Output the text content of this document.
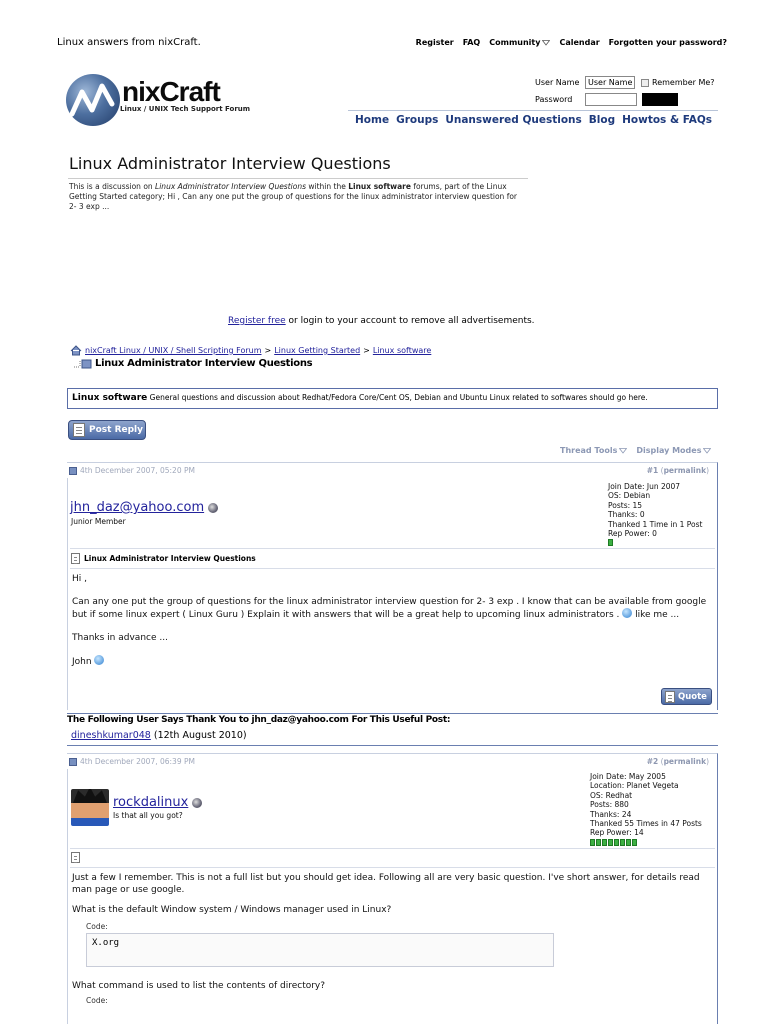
Linux answers from nixCraft.	Register FAQ Community Calendar Forgotten your password?
nixCraft
Linux / UNIX Tech Support Forum
User Name
User Name	Remember Me?
Password
Home Groups Unanswered Questions Blog Howtos & FAQs
Linux Administrator Interview Questions
This is a discussion on Linux Administrator Interview Questions within the Linux software forums, part of the Linux Getting Started category; Hi , Can any one put the group of questions for the linux administrator interview question for 2- 3 exp ...
Register free or login to your account to remove all advertisements.
nixCraft Linux / UNIX / Shell Scripting Forum > Linux Getting Started > Linux software
Linux Administrator Interview Questions
Linux software General questions and discussion about Redhat/Fedora Core/Cent OS, Debian and Ubuntu Linux related to softwares should go here.
Post Reply
Thread Tools Display Modes
4th December 2007, 05:20 PM	#1 (permalink)
jhn_daz@yahoo.com
Junior Member
Join Date: Jun 2007
OS: Debian
Posts: 15
Thanks: 0
Thanked 1 Time in 1 Post
Rep Power: 0
Linux Administrator Interview Questions
Hi ,
Can any one put the group of questions for the linux administrator interview question for 2- 3 exp . I know that can be available from google but if some linux expert ( Linux Guru ) Explain it with answers that will be a great help to upcoming linux administrators .  like me ...
Thanks in advance ...
John
Quote
The Following User Says Thank You to jhn_daz@yahoo.com For This Useful Post:
dineshkumar048 (12th August 2010)
4th December 2007, 06:39 PM	#2 (permalink)
rockdalinux
Is that all you got?
Join Date: May 2005
Location: Planet Vegeta
OS: Redhat
Posts: 880
Thanks: 24
Thanked 55 Times in 47 Posts
Rep Power: 14
Just a few I remember. This is not a full list but you should get idea. Following all are very basic question. I've short answer, for details read man page or use google.
What is the default Window system / Windows manager used in Linux?
Code:
X.org
What command is used to list the contents of directory?
Code:
